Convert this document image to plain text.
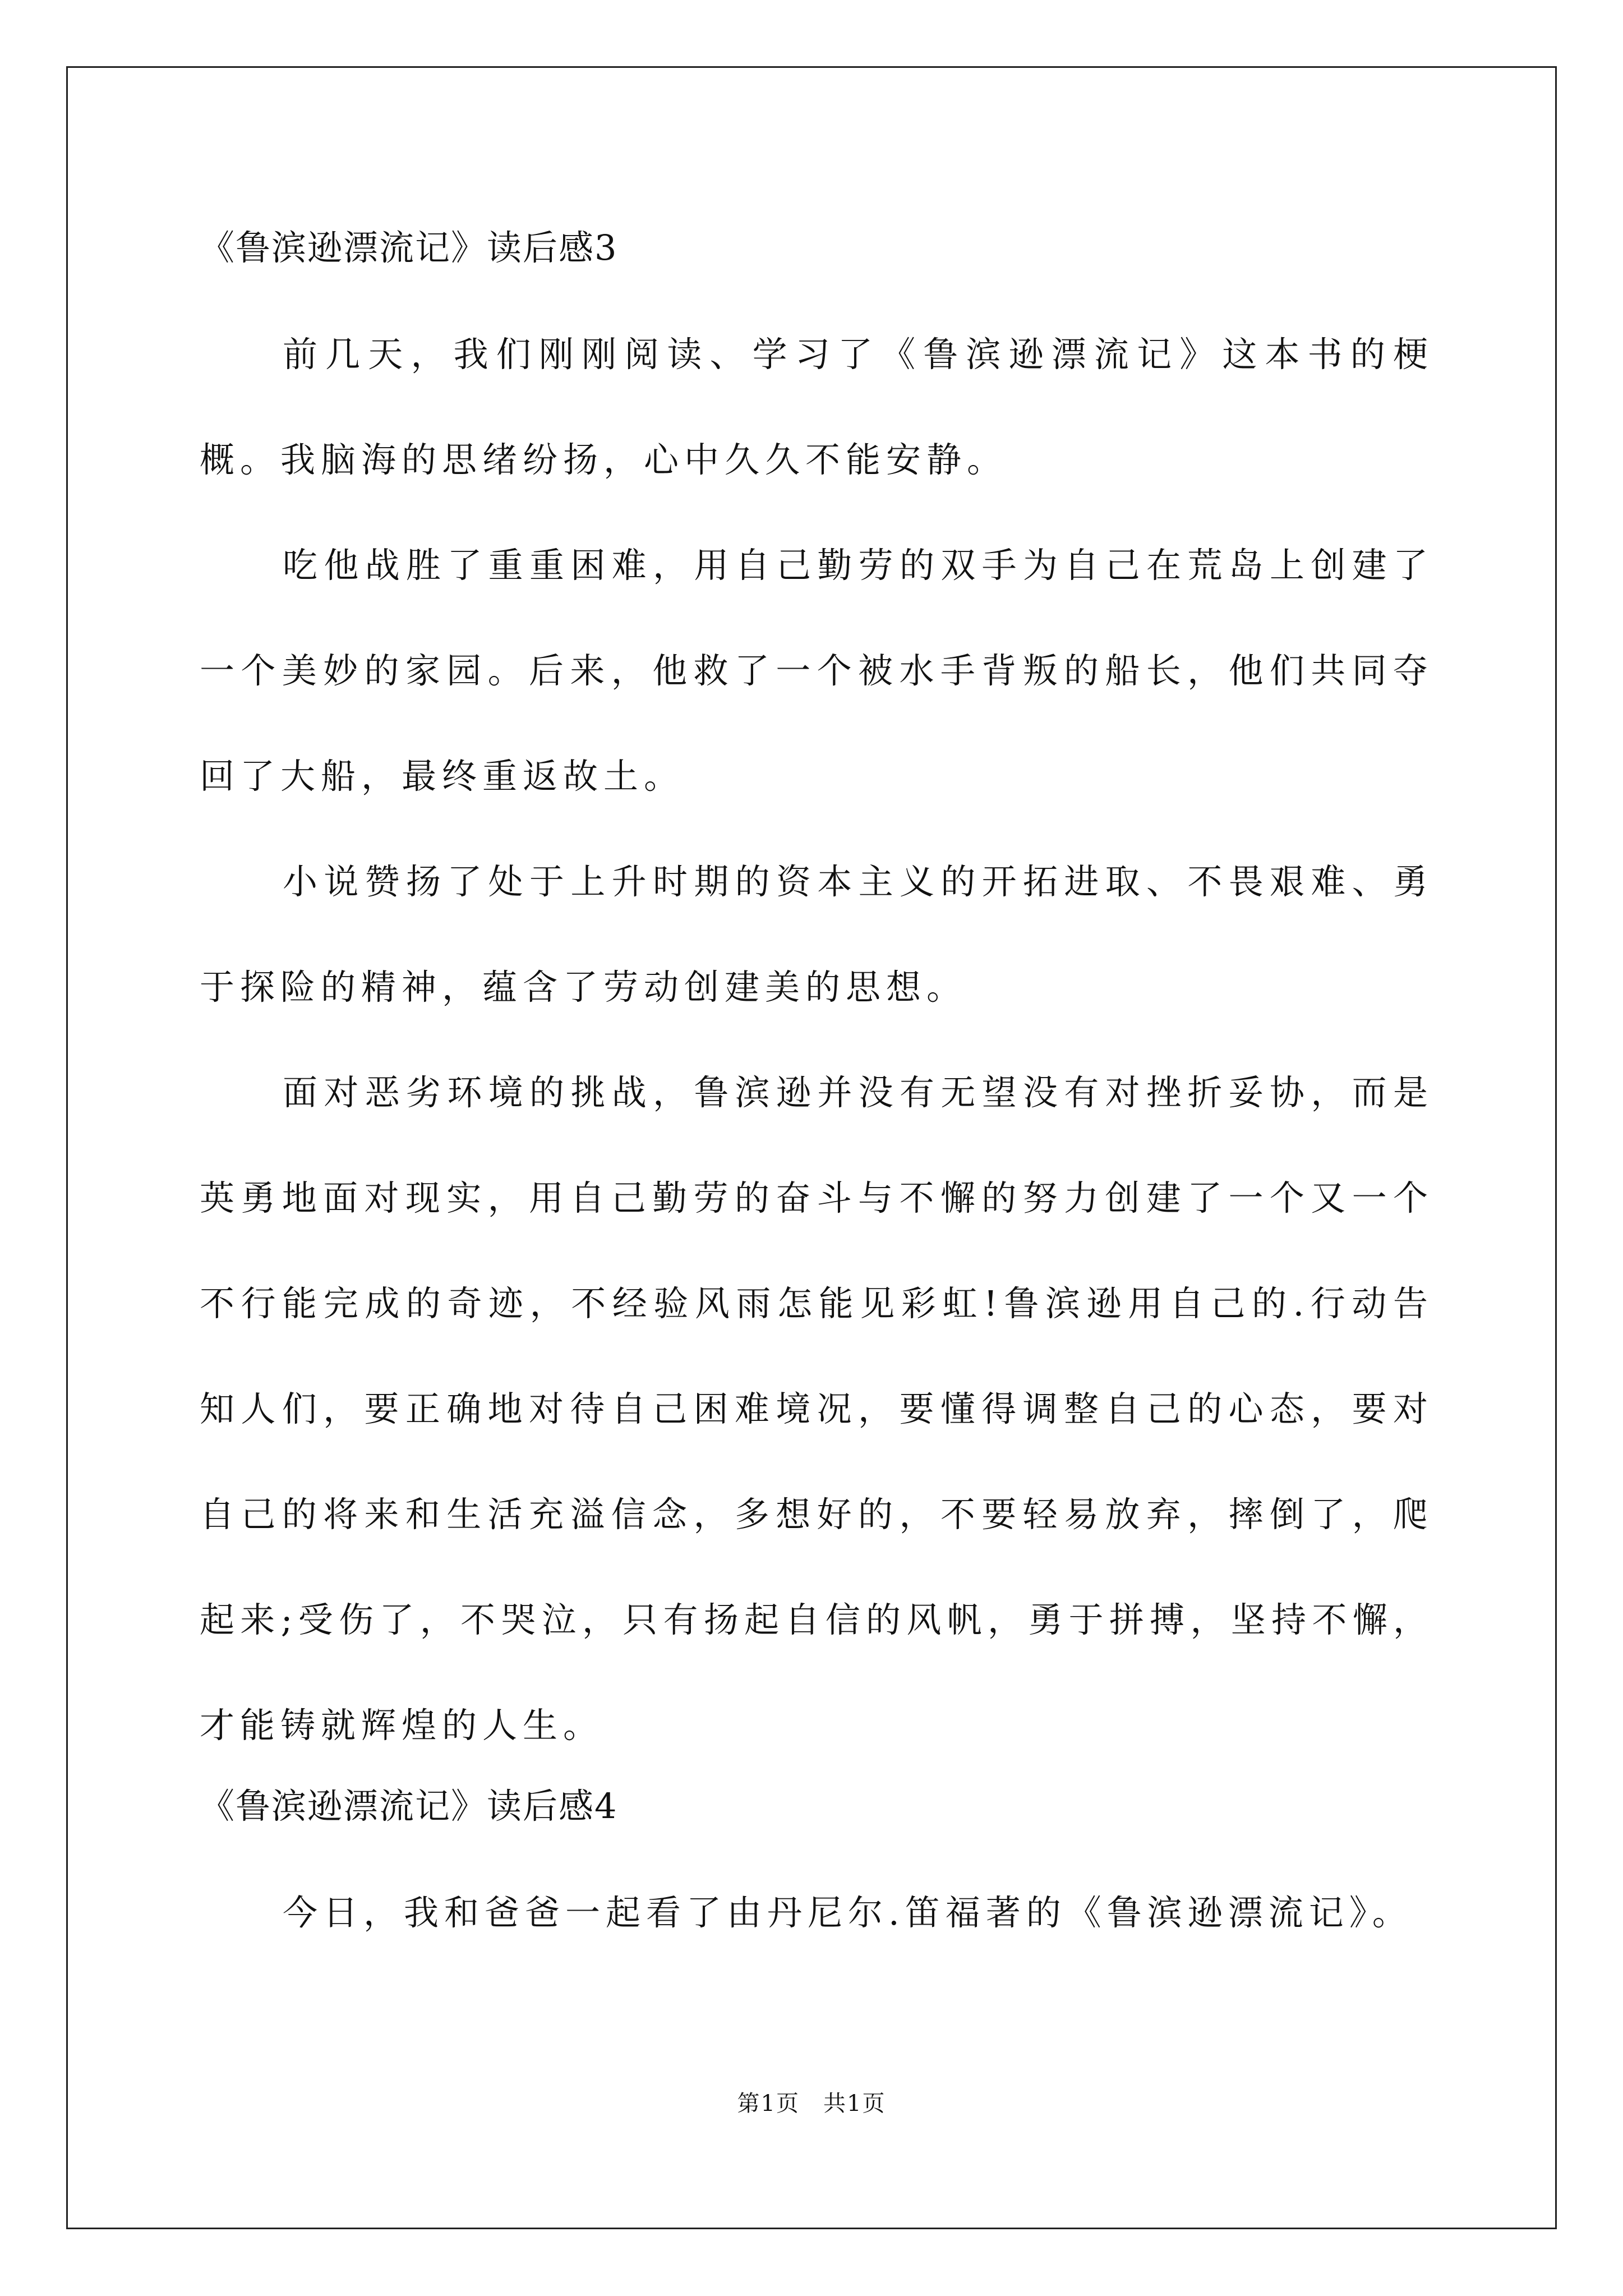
《鲁滨逊漂流记》读后感3

前几天，我们刚刚阅读、学习了《鲁滨逊漂流记》这本书的梗概。我脑海的思绪纷扬，心中久久不能安静。

吃他战胜了重重困难，用自己勤劳的双手为自己在荒岛上创建了一个美妙的家园。后来，他救了一个被水手背叛的船长，他们共同夺回了大船，最终重返故土。

小说赞扬了处于上升时期的资本主义的开拓进取、不畏艰难、勇于探险的精神，蕴含了劳动创建美的思想。

面对恶劣环境的挑战，鲁滨逊并没有无望没有对挫折妥协，而是英勇地面对现实，用自己勤劳的奋斗与不懈的努力创建了一个又一个不行能完成的奇迹，不经验风雨怎能见彩虹!鲁滨逊用自己的.行动告知人们，要正确地对待自己困难境况，要懂得调整自己的心态，要对自己的将来和生活充溢信念，多想好的，不要轻易放弃，摔倒了，爬起来;受伤了，不哭泣，只有扬起自信的风帆，勇于拼搏，坚持不懈，才能铸就辉煌的人生。

《鲁滨逊漂流记》读后感4

今日，我和爸爸一起看了由丹尼尔.笛福著的《鲁滨逊漂流记》。

第1页　共1页
